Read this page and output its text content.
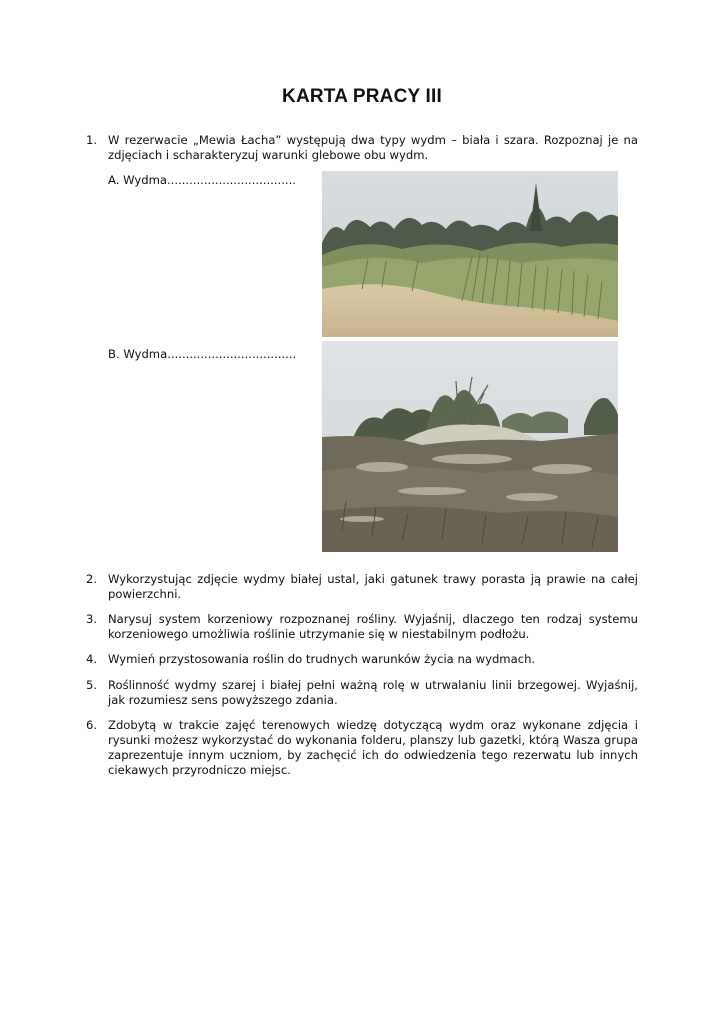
KARTA PRACY III
1. W rezerwacie „Mewia Łacha” występują dwa typy wydm – biała i szara. Rozpoznaj je na zdjęciach i scharakteryzuj warunki glebowe obu wydm.
A. Wydma...................................
B. Wydma...................................
2. Wykorzystując zdjęcie wydmy białej ustal, jaki gatunek trawy porasta ją prawie na całej powierzchni.
3. Narysuj system korzeniowy rozpoznanej rośliny. Wyjaśnij, dlaczego ten rodzaj systemu korzeniowego umożliwia roślinie utrzymanie się w niestabilnym podłożu.
4. Wymień przystosowania roślin do trudnych warunków życia na wydmach.
5. Roślinność wydmy szarej i białej pełni ważną rolę w utrwalaniu linii brzegowej. Wyjaśnij, jak rozumiesz sens powyższego zdania.
6. Zdobytą w trakcie zajęć terenowych wiedzę dotyczącą wydm oraz wykonane zdjęcia i rysunki możesz wykorzystać do wykonania folderu, planszy lub gazetki, którą Wasza grupa zaprezentuje innym uczniom, by zachęcić ich do odwiedzenia tego rezerwatu lub innych ciekawych przyrodniczo miejsc.
